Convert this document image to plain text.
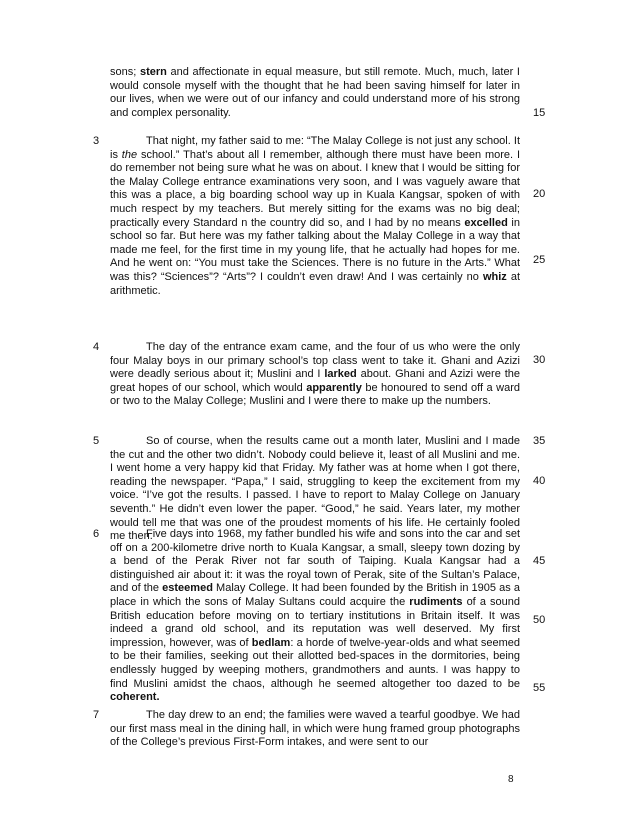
sons; stern and affectionate in equal measure, but still remote. Much, much, later I would console myself with the thought that he had been saving himself for later in our lives, when we were out of our infancy and could understand more of his strong and complex personality.
3	That night, my father said to me: “The Malay College is not just any school. It is the school.” That’s about all I remember, although there must have been more. I do remember not being sure what he was on about. I knew that I would be sitting for the Malay College entrance examinations very soon, and I was vaguely aware that this was a place, a big boarding school way up in Kuala Kangsar, spoken of with much respect by my teachers. But merely sitting for the exams was no big deal; practically every Standard n the country did so, and I had by no means excelled in school so far. But here was my father talking about the Malay College in a way that made me feel, for the first time in my young life, that he actually had hopes for me. And he went on: “You must take the Sciences. There is no future in the Arts.” What was this? “Sciences”? “Arts”? I couldn’t even draw! And I was certainly no whiz at arithmetic.
4	The day of the entrance exam came, and the four of us who were the only four Malay boys in our primary school’s top class went to take it. Ghani and Azizi were deadly serious about it; Muslini and I larked about. Ghani and Azizi were the great hopes of our school, which would apparently be honoured to send off a ward or two to the Malay College; Muslini and I were there to make up the numbers.
5	So of course, when the results came out a month later, Muslini and I made the cut and the other two didn’t. Nobody could believe it, least of all Muslini and me. I went home a very happy kid that Friday. My father was at home when I got there, reading the newspaper. “Papa,” I said, struggling to keep the excitement from my voice. “I’ve got the results. I passed. I have to report to Malay College on January seventh.” He didn’t even lower the paper. “Good,” he said. Years later, my mother would tell me that was one of the proudest moments of his life. He certainly fooled me then.
6	Five days into 1968, my father bundled his wife and sons into the car and set off on a 200-kilometre drive north to Kuala Kangsar, a small, sleepy town dozing by a bend of the Perak River not far south of Taiping. Kuala Kangsar had a distinguished air about it: it was the royal town of Perak, site of the Sultan’s Palace, and of the esteemed Malay College. It had been founded by the British in 1905 as a place in which the sons of Malay Sultans could acquire the rudiments of a sound British education before moving on to tertiary institutions in Britain itself. It was indeed a grand old school, and its reputation was well deserved. My first impression, however, was of bedlam: a horde of twelve-year-olds and what seemed to be their families, seeking out their allotted bed-spaces in the dormitories, being endlessly hugged by weeping mothers, grandmothers and aunts. I was happy to find Muslini amidst the chaos, although he seemed altogether too dazed to be coherent.
7	The day drew to an end; the families were waved a tearful goodbye. We had our first mass meal in the dining hall, in which were hung framed group photographs of the College’s previous First-Form intakes, and were sent to our
15
20
25
30
35
40
45
50
55
8
